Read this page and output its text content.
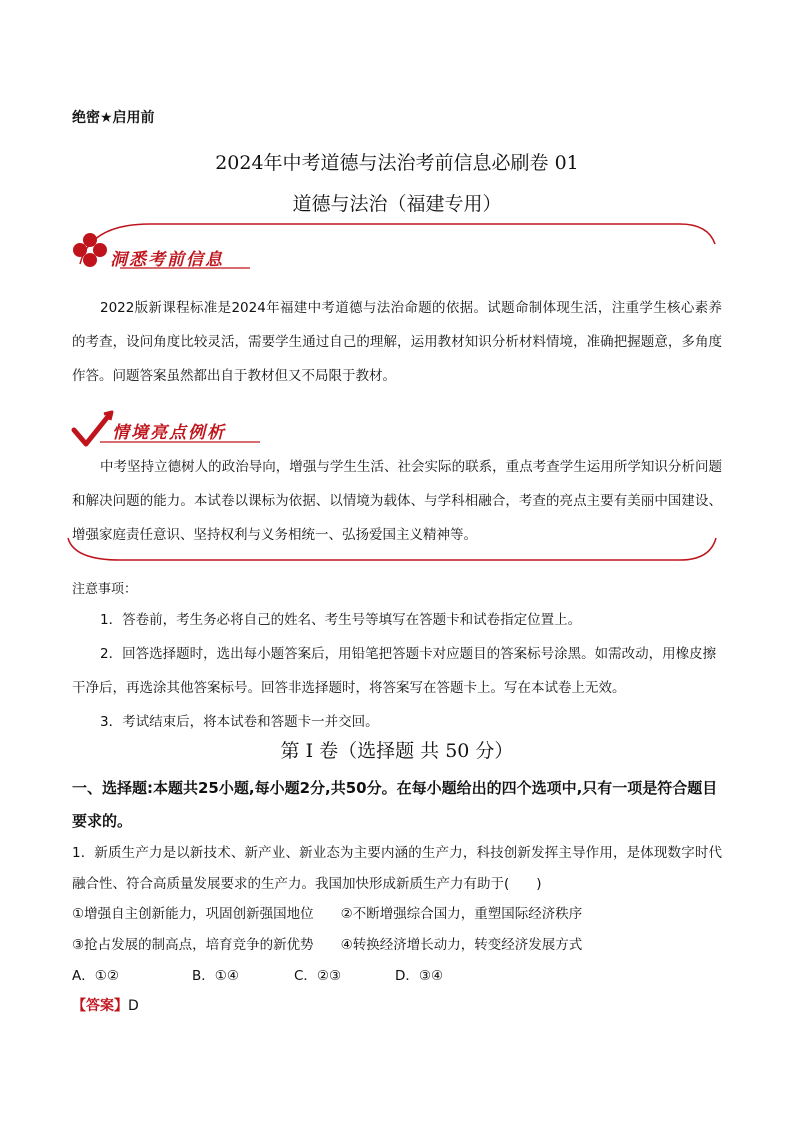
绝密★启用前
2024年中考道德与法治考前信息必刷卷 01
道德与法治（福建专用）
洞悉考前信息
2022版新课程标准是2024年福建中考道德与法治命题的依据。试题命制体现生活，注重学生核心素养的考查，设问角度比较灵活，需要学生通过自己的理解，运用教材知识分析材料情境，准确把握题意，多角度作答。问题答案虽然都出自于教材但又不局限于教材。
情境亮点例析
中考坚持立德树人的政治导向，增强与学生生活、社会实际的联系，重点考查学生运用所学知识分析问题和解决问题的能力。本试卷以课标为依据、以情境为载体、与学科相融合，考查的亮点主要有美丽中国建设、增强家庭责任意识、坚持权利与义务相统一、弘扬爱国主义精神等。
注意事项：
1．答卷前，考生务必将自己的姓名、考生号等填写在答题卡和试卷指定位置上。
2．回答选择题时，选出每小题答案后，用铅笔把答题卡对应题目的答案标号涂黑。如需改动，用橡皮擦干净后，再选涂其他答案标号。回答非选择题时，将答案写在答题卡上。写在本试卷上无效。
3．考试结束后，将本试卷和答题卡一并交回。
第 I 卷（选择题 共 50 分）
一、选择题:本题共25小题,每小题2分,共50分。在每小题给出的四个选项中,只有一项是符合题目要求的。
1．新质生产力是以新技术、新产业、新业态为主要内涵的生产力，科技创新发挥主导作用，是体现数字时代融合性、符合高质量发展要求的生产力。我国加快形成新质生产力有助于(　　)
①增强自主创新能力，巩固创新强国地位　　②不断增强综合国力，重塑国际经济秩序
③抢占发展的制高点，培育竞争的新优势　　④转换经济增长动力，转变经济发展方式
A．①②	B．①④	C．②③	D．③④
【答案】D
